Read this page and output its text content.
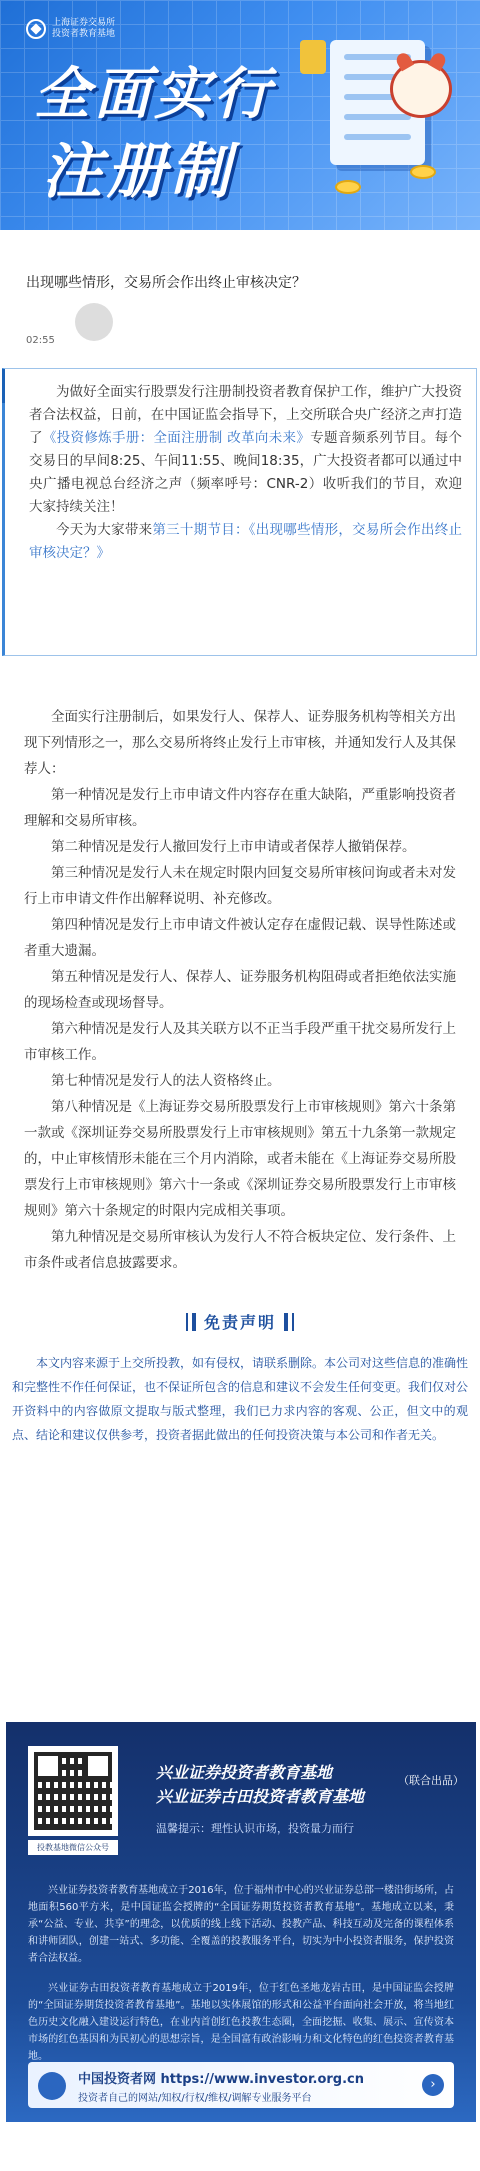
上海证券交易所
投资者教育基地
全面实行
注册制
出现哪些情形，交易所会作出终止审核决定？
02:55

为做好全面实行股票发行注册制投资者教育保护工作，维护广大投资者合法权益，日前，在中国证监会指导下，上交所联合央广经济之声打造了《投资修炼手册：全面注册制 改革向未来》专题音频系列节目。每个交易日的早间8:25、午间11:55、晚间18:35，广大投资者都可以通过中央广播电视总台经济之声（频率呼号：CNR-2）收听我们的节目，欢迎大家持续关注！

今天为大家带来第三十期节目：《出现哪些情形，交易所会作出终止审核决定？》

全面实行注册制后，如果发行人、保荐人、证券服务机构等相关方出现下列情形之一，那么交易所将终止发行上市审核，并通知发行人及其保荐人：

第一种情况是发行上市申请文件内容存在重大缺陷，严重影响投资者理解和交易所审核。

第二种情况是发行人撤回发行上市申请或者保荐人撤销保荐。

第三种情况是发行人未在规定时限内回复交易所审核问询或者未对发行上市申请文件作出解释说明、补充修改。

第四种情况是发行上市申请文件被认定存在虚假记载、误导性陈述或者重大遗漏。

第五种情况是发行人、保荐人、证券服务机构阻碍或者拒绝依法实施的现场检查或现场督导。

第六种情况是发行人及其关联方以不正当手段严重干扰交易所发行上市审核工作。

第七种情况是发行人的法人资格终止。

第八种情况是《上海证券交易所股票发行上市审核规则》第六十条第一款或《深圳证券交易所股票发行上市审核规则》第五十九条第一款规定的，中止审核情形未能在三个月内消除，或者未能在《上海证券交易所股票发行上市审核规则》第六十一条或《深圳证券交易所股票发行上市审核规则》第六十条规定的时限内完成相关事项。

第九种情况是交易所审核认为发行人不符合板块定位、发行条件、上市条件或者信息披露要求。

免责声明

本文内容来源于上交所投教，如有侵权，请联系删除。本公司对这些信息的准确性和完整性不作任何保证，也不保证所包含的信息和建议不会发生任何变更。我们仅对公开资料中的内容做原文提取与版式整理，我们已力求内容的客观、公正，但文中的观点、结论和建议仅供参考，投资者据此做出的任何投资决策与本公司和作者无关。

投教基地微信公众号
兴业证券投资者教育基地
兴业证券古田投资者教育基地
（联合出品）
温馨提示：理性认识市场，投资量力而行
兴业证券投资者教育基地成立于2016年，位于福州市中心的兴业证券总部一楼沿街场所，占地面积560平方米，是中国证监会授牌的“全国证券期货投资者教育基地”。基地成立以来，秉承“公益、专业、共享”的理念，以优质的线上线下活动、投教产品、科技互动及完备的课程体系和讲师团队，创建一站式、多功能、全覆盖的投教服务平台，切实为中小投资者服务，保护投资者合法权益。
兴业证券古田投资者教育基地成立于2019年，位于红色圣地龙岩古田，是中国证监会授牌的“全国证券期货投资者教育基地”。基地以实体展馆的形式和公益平台面向社会开放，将当地红色历史文化融入建设运行特色，在业内首创红色投教生态圈，全面挖掘、收集、展示、宣传资本市场的红色基因和为民初心的思想宗旨，是全国富有政治影响力和文化特色的红色投资者教育基地。
中国投资者网 https://www.investor.org.cn
投资者自己的网站/知权/行权/维权/调解专业服务平台
›
